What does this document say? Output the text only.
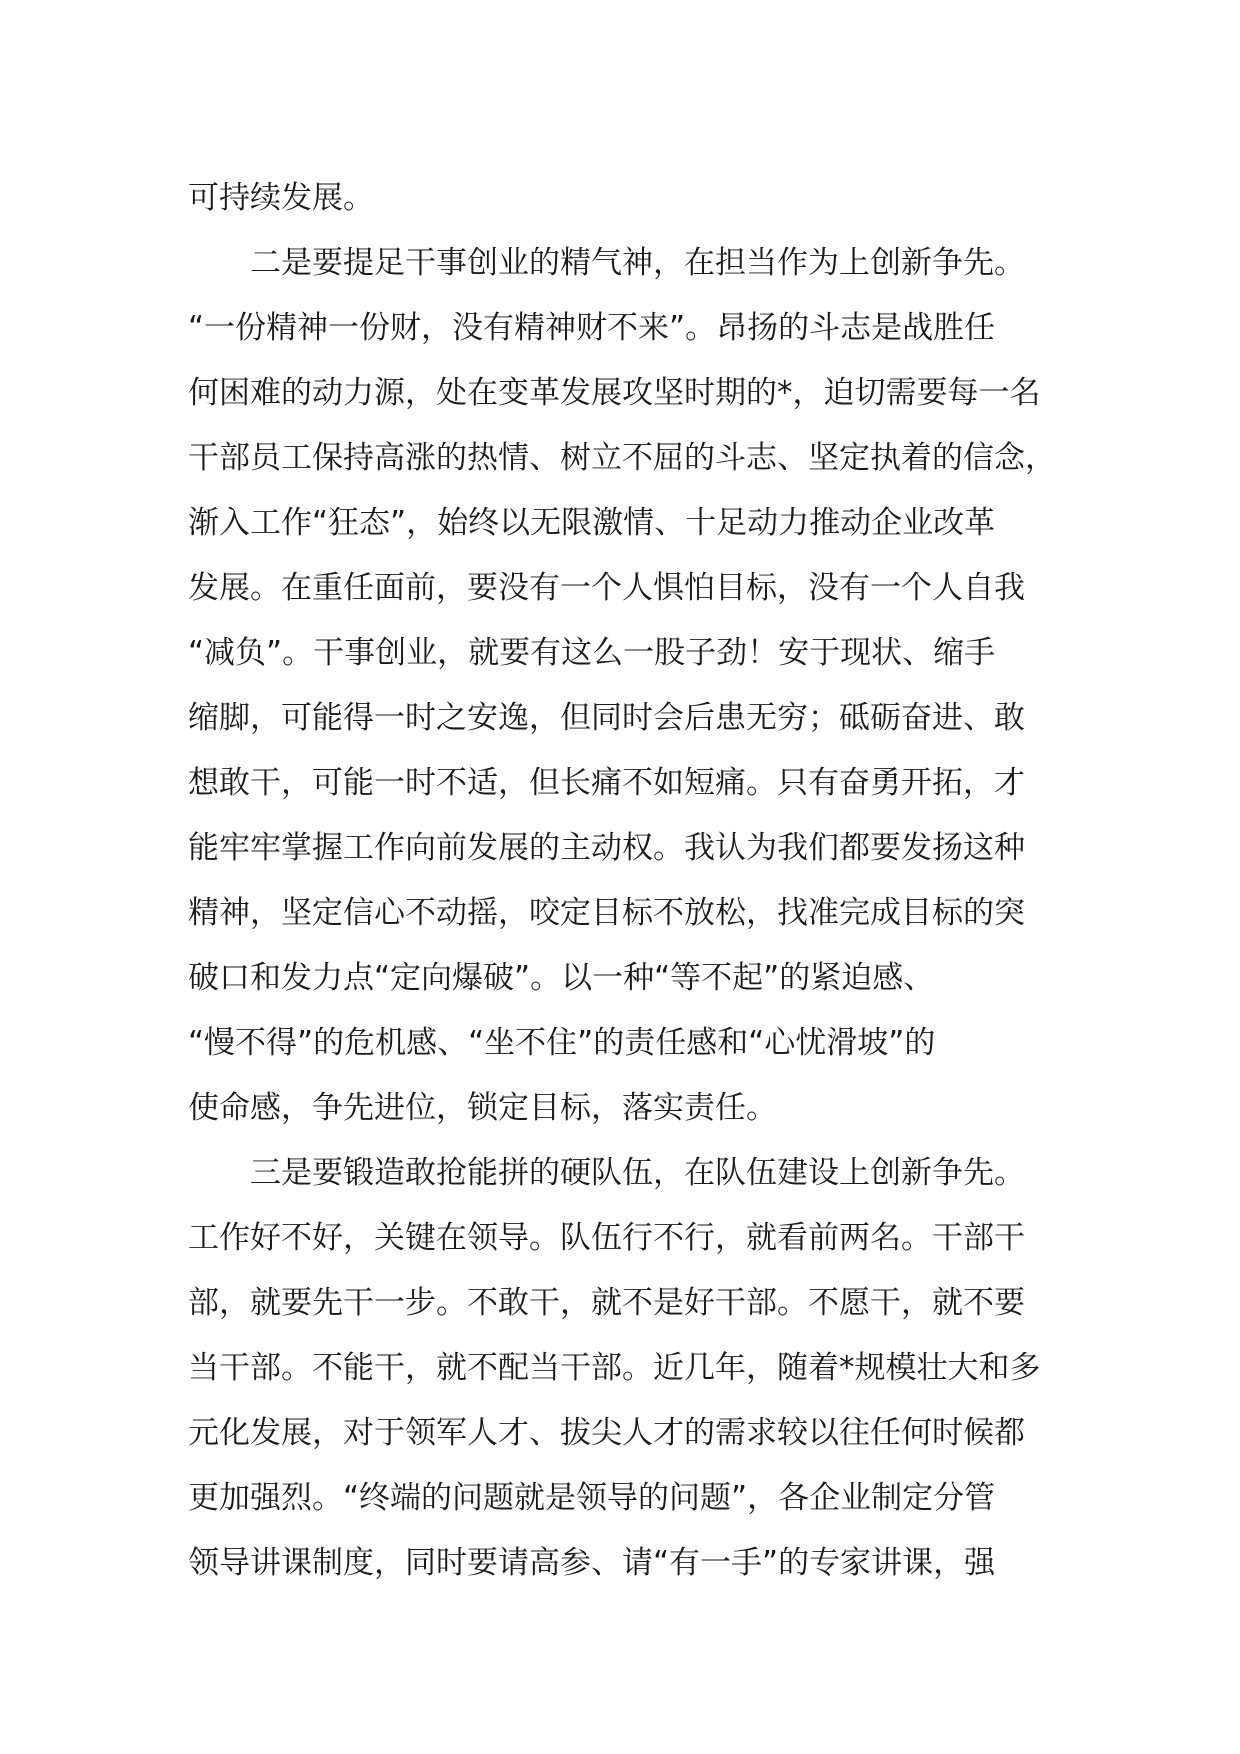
可持续发展。
二是要提足干事创业的精气神，在担当作为上创新争先。
“一份精神一份财，没有精神财不来”。昂扬的斗志是战胜任
何困难的动力源，处在变革发展攻坚时期的*，迫切需要每一名
干部员工保持高涨的热情、树立不屈的斗志、坚定执着的信念，
渐入工作“狂态”，始终以无限激情、十足动力推动企业改革
发展。在重任面前，要没有一个人惧怕目标，没有一个人自我
“减负”。干事创业，就要有这么一股子劲！安于现状、缩手
缩脚，可能得一时之安逸，但同时会后患无穷；砥砺奋进、敢
想敢干，可能一时不适，但长痛不如短痛。只有奋勇开拓，才
能牢牢掌握工作向前发展的主动权。我认为我们都要发扬这种
精神，坚定信心不动摇，咬定目标不放松，找准完成目标的突
破口和发力点“定向爆破”。以一种“等不起”的紧迫感、
“慢不得”的危机感、“坐不住”的责任感和“心忧滑坡”的
使命感，争先进位，锁定目标，落实责任。
三是要锻造敢抢能拼的硬队伍，在队伍建设上创新争先。
工作好不好，关键在领导。队伍行不行，就看前两名。干部干
部，就要先干一步。不敢干，就不是好干部。不愿干，就不要
当干部。不能干，就不配当干部。近几年，随着*规模壮大和多
元化发展，对于领军人才、拔尖人才的需求较以往任何时候都
更加强烈。“终端的问题就是领导的问题”，各企业制定分管
领导讲课制度，同时要请高参、请“有一手”的专家讲课，强
